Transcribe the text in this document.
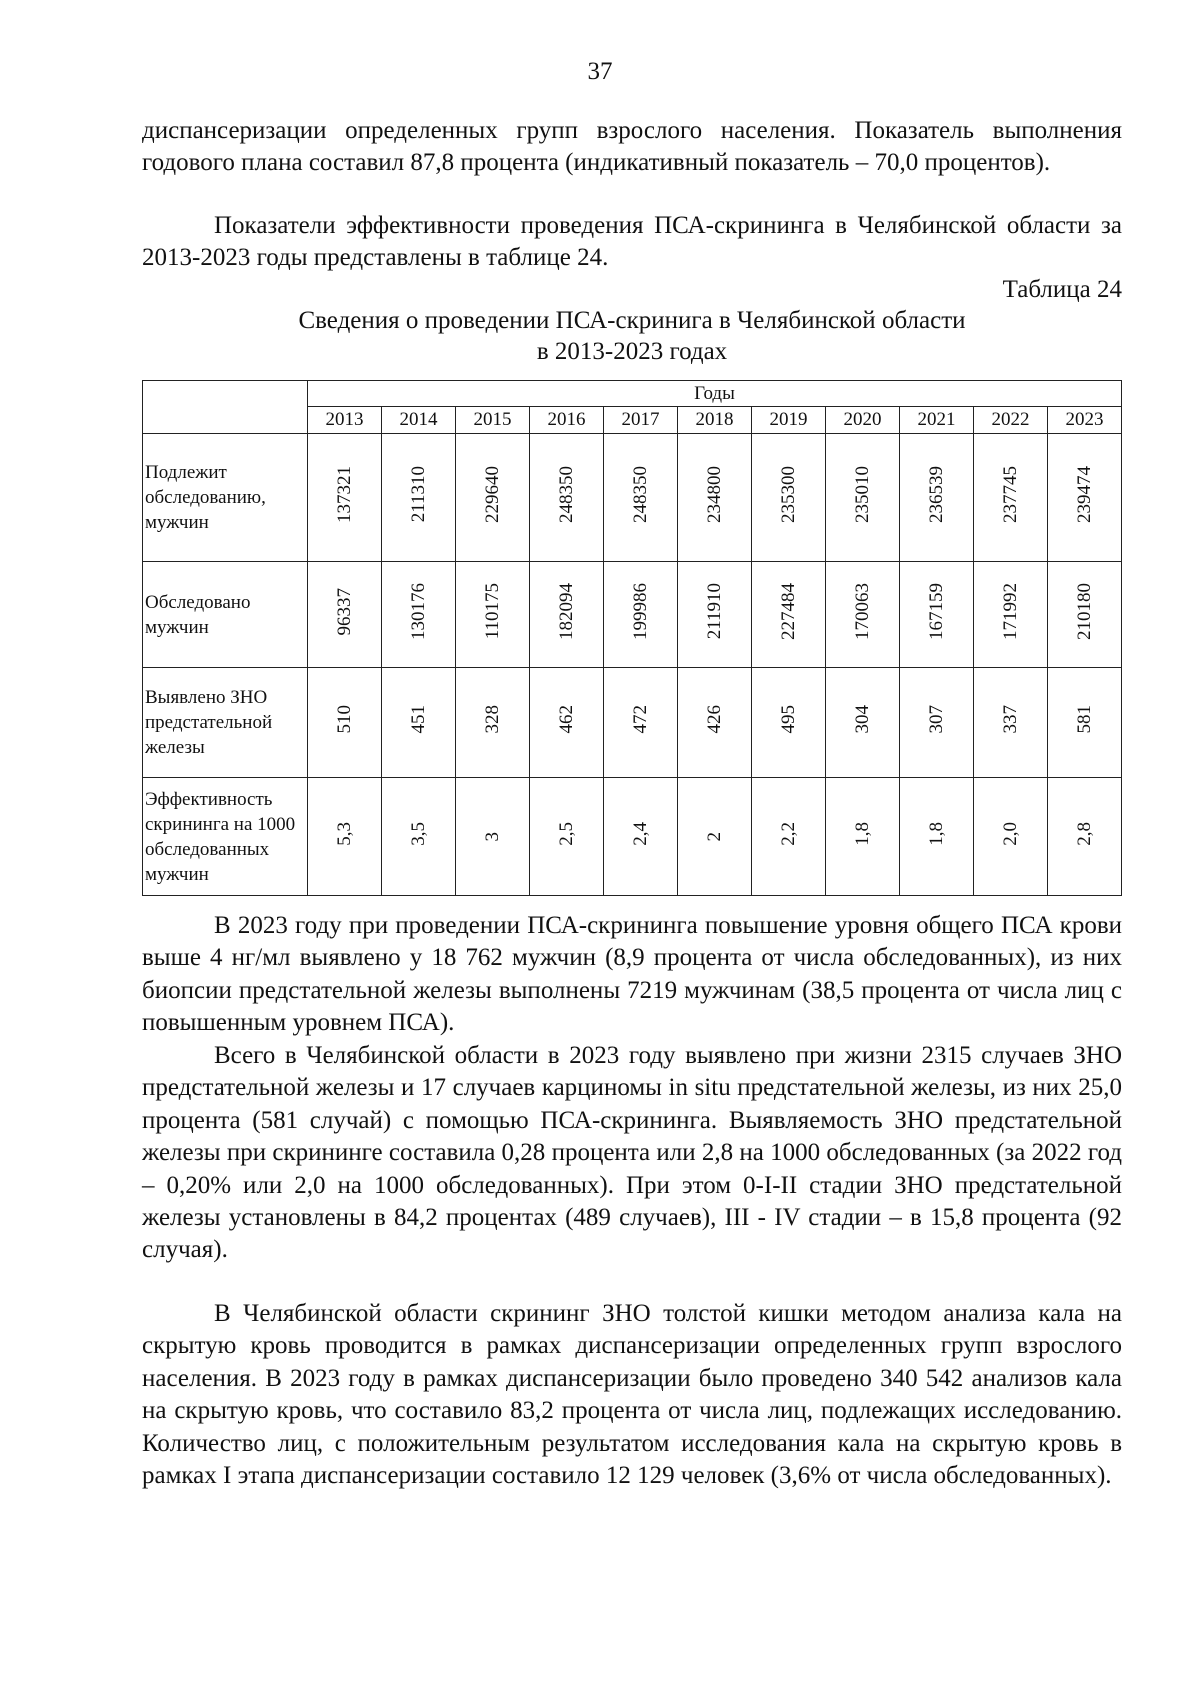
37

диспансеризации определенных групп взрослого населения. Показатель выполнения годового плана составил 87,8 процента (индикативный показатель – 70,0 процентов).

Показатели эффективности проведения ПСА-скрининга в Челябинской области за 2013-2023 годы представлены в таблице 24.

Таблица 24
Сведения о проведении ПСА-скринига в Челябинской области
в 2013-2023 годах
	Годы										
	2013	2014	2015	2016	2017	2018	2019	2020	2021	2022	2023
Подлежит обследованию, мужчин	137321	211310	229640	248350	248350	234800	235300	235010	236539	237745	239474
Обследовано мужчин	96337	130176	110175	182094	199986	211910	227484	170063	167159	171992	210180
Выявлено ЗНО предстательной железы	510	451	328	462	472	426	495	304	307	337	581
Эффективность скрининга на 1000 обследованных мужчин	5,3	3,5	3	2,5	2,4	2	2,2	1,8	1,8	2,0	2,8

В 2023 году при проведении ПСА-скрининга повышение уровня общего ПСА крови выше 4 нг/мл выявлено у 18 762 мужчин (8,9 процента от числа обследованных), из них биопсии предстательной железы выполнены 7219 мужчинам (38,5 процента от числа лиц с повышенным уровнем ПСА).

Всего в Челябинской области в 2023 году выявлено при жизни 2315 случаев ЗНО предстательной железы и 17 случаев карциномы in situ предстательной железы, из них 25,0 процента (581 случай) с помощью ПСА-скрининга. Выявляемость ЗНО предстательной железы при скрининге составила 0,28 процента или 2,8 на 1000 обследованных (за 2022 год – 0,20% или 2,0 на 1000 обследованных). При этом 0-I-II стадии ЗНО предстательной железы установлены в 84,2 процентах (489 случаев), III - IV стадии – в 15,8 процента (92 случая).

В Челябинской области скрининг ЗНО толстой кишки методом анализа кала на скрытую кровь проводится в рамках диспансеризации определенных групп взрослого населения. В 2023 году в рамках диспансеризации было проведено 340 542 анализов кала на скрытую кровь, что составило 83,2 процента от числа лиц, подлежащих исследованию. Количество лиц, с положительным результатом исследования кала на скрытую кровь в рамках I этапа диспансеризации составило 12 129 человек (3,6% от числа обследованных).
